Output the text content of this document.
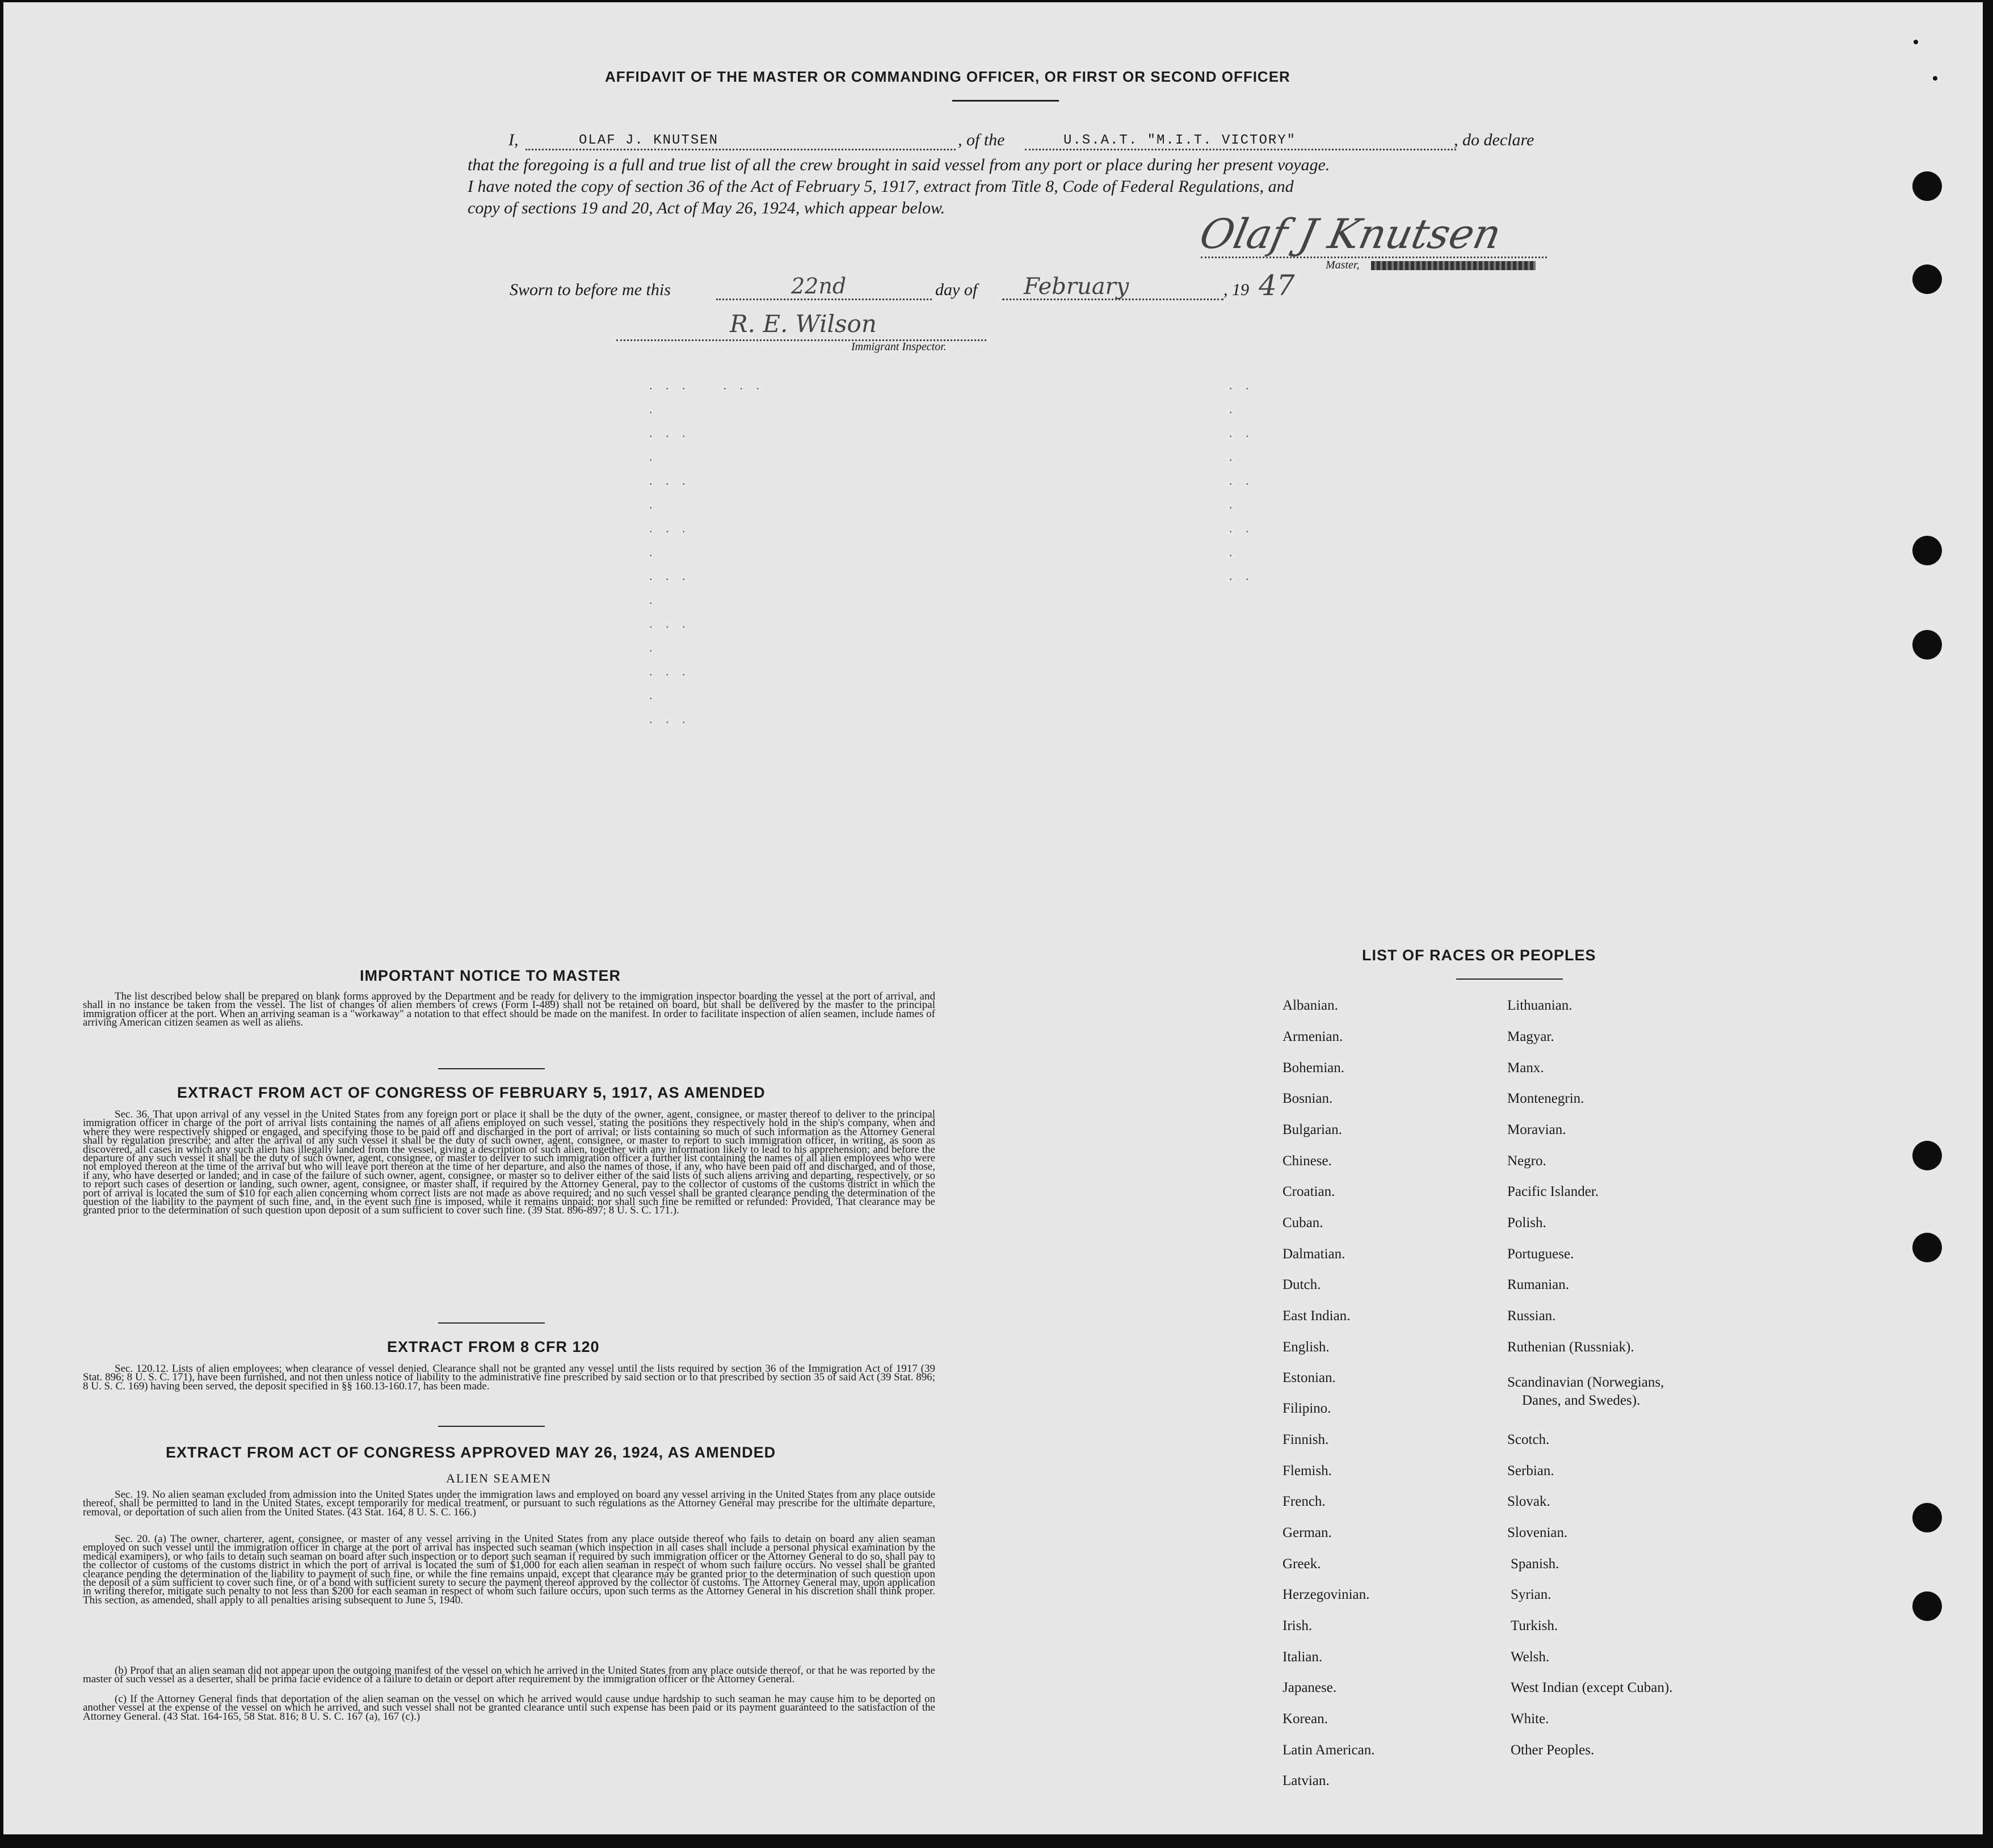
AFFIDAVIT OF THE MASTER OR COMMANDING OFFICER, OR FIRST OR SECOND OFFICER
I,	OLAF J. KNUTSEN	, of the	U.S.A.T. "M.I.T. VICTORY"	, do declare
that the foregoing is a full and true list of all the crew brought in said vessel from any port or place during her present voyage.
I have noted the copy of section 36 of the Act of February 5, 1917, extract from Title 8, Code of Federal Regulations, and
copy of sections 19 and 20, Act of May 26, 1924, which appear below.
Olaf J Knutsen
Master,
Sworn to before me this	22nd	day of February	, 19 47
R. E. Wilson
Immigrant Inspector.
. . .    . . .
.
. . .
.
. . .
.
. . .
.
. . .
.
. . .
.
. . .
.
. . .
. .
.
. .
.
. .
.
. .
.
. .
IMPORTANT NOTICE TO MASTER

The list described below shall be prepared on blank forms approved by the Department and be ready for delivery to the immigration inspector boarding the vessel at the port of arrival, and shall in no instance be taken from the vessel. The list of changes of alien members of crews (Form I-489) shall not be retained on board, but shall be delivered by the master to the principal immigration officer at the port. When an arriving seaman is a "workaway" a notation to that effect should be made on the manifest. In order to facilitate inspection of alien seamen, include names of arriving American citizen seamen as well as aliens.

EXTRACT FROM ACT OF CONGRESS OF FEBRUARY 5, 1917, AS AMENDED

Sec. 36. That upon arrival of any vessel in the United States from any foreign port or place it shall be the duty of the owner, agent, consignee, or master thereof to deliver to the principal immigration officer in charge of the port of arrival lists containing the names of all aliens employed on such vessel, stating the positions they respectively hold in the ship's company, when and where they were respectively shipped or engaged, and specifying those to be paid off and discharged in the port of arrival; or lists containing so much of such information as the Attorney General shall by regulation prescribe; and after the arrival of any such vessel it shall be the duty of such owner, agent, consignee, or master to report to such immigration officer, in writing, as soon as discovered, all cases in which any such alien has illegally landed from the vessel, giving a description of such alien, together with any information likely to lead to his apprehension; and before the departure of any such vessel it shall be the duty of such owner, agent, consignee, or master to deliver to such immigration officer a further list containing the names of all alien employees who were not employed thereon at the time of the arrival but who will leave port thereon at the time of her departure, and also the names of those, if any, who have been paid off and discharged, and of those, if any, who have deserted or landed; and in case of the failure of such owner, agent, consignee, or master so to deliver either of the said lists of such aliens arriving and departing, respectively, or so to report such cases of desertion or landing, such owner, agent, consignee, or master shall, if required by the Attorney General, pay to the collector of customs of the customs district in which the port of arrival is located the sum of $10 for each alien concerning whom correct lists are not made as above required; and no such vessel shall be granted clearance pending the determination of the question of the liability to the payment of such fine, and, in the event such fine is imposed, while it remains unpaid; nor shall such fine be remitted or refunded: Provided, That clearance may be granted prior to the determination of such question upon deposit of a sum sufficient to cover such fine. (39 Stat. 896-897; 8 U. S. C. 171.).

EXTRACT FROM 8 CFR 120

Sec. 120.12. Lists of alien employees; when clearance of vessel denied. Clearance shall not be granted any vessel until the lists required by section 36 of the Immigration Act of 1917 (39 Stat. 896; 8 U. S. C. 171), have been furnished, and not then unless notice of liability to the administrative fine prescribed by said section or to that prescribed by section 35 of said Act (39 Stat. 896; 8 U. S. C. 169) having been served, the deposit specified in §§ 160.13-160.17, has been made.

EXTRACT FROM ACT OF CONGRESS APPROVED MAY 26, 1924, AS AMENDED
ALIEN SEAMEN

Sec. 19. No alien seaman excluded from admission into the United States under the immigration laws and employed on board any vessel arriving in the United States from any place outside thereof, shall be permitted to land in the United States, except temporarily for medical treatment, or pursuant to such regulations as the Attorney General may prescribe for the ultimate departure, removal, or deportation of such alien from the United States. (43 Stat. 164, 8 U. S. C. 166.)

Sec. 20. (a) The owner, charterer, agent, consignee, or master of any vessel arriving in the United States from any place outside thereof who fails to detain on board any alien seaman employed on such vessel until the immigration officer in charge at the port of arrival has inspected such seaman (which inspection in all cases shall include a personal physical examination by the medical examiners), or who fails to detain such seaman on board after such inspection or to deport such seaman if required by such immigration officer or the Attorney General to do so, shall pay to the collector of customs of the customs district in which the port of arrival is located the sum of $1,000 for each alien seaman in respect of whom such failure occurs. No vessel shall be granted clearance pending the determination of the liability to payment of such fine, or while the fine remains unpaid, except that clearance may be granted prior to the determination of such question upon the deposit of a sum sufficient to cover such fine, or of a bond with sufficient surety to secure the payment thereof approved by the collector of customs. The Attorney General may, upon application in writing therefor, mitigate such penalty to not less than $200 for each seaman in respect of whom such failure occurs, upon such terms as the Attorney General in his discretion shall think proper. This section, as amended, shall apply to all penalties arising subsequent to June 5, 1940.

(b) Proof that an alien seaman did not appear upon the outgoing manifest of the vessel on which he arrived in the United States from any place outside thereof, or that he was reported by the master of such vessel as a deserter, shall be prima facie evidence of a failure to detain or deport after requirement by the immigration officer or the Attorney General.

(c) If the Attorney General finds that deportation of the alien seaman on the vessel on which he arrived would cause undue hardship to such seaman he may cause him to be deported on another vessel at the expense of the vessel on which he arrived, and such vessel shall not be granted clearance until such expense has been paid or its payment guaranteed to the satisfaction of the Attorney General. (43 Stat. 164-165, 58 Stat. 816; 8 U. S. C. 167 (a), 167 (c).)

LIST OF RACES OR PEOPLES
Albanian.
Armenian.
Bohemian.
Bosnian.
Bulgarian.
Chinese.
Croatian.
Cuban.
Dalmatian.
Dutch.
East Indian.
English.
Estonian.
Filipino.
Finnish.
Flemish.
French.
German.
Greek.
Herzegovinian.
Irish.
Italian.
Japanese.
Korean.
Latin American.
Latvian.
Lithuanian.
Magyar.
Manx.
Montenegrin.
Moravian.
Negro.
Pacific Islander.
Polish.
Portuguese.
Rumanian.
Russian.
Ruthenian (Russniak).
Scandinavian (Norwegians,
Danes, and Swedes).
Scotch.
Serbian.
Slovak.
Slovenian.
Spanish.
Syrian.
Turkish.
Welsh.
West Indian (except Cuban).
White.
Other Peoples.
